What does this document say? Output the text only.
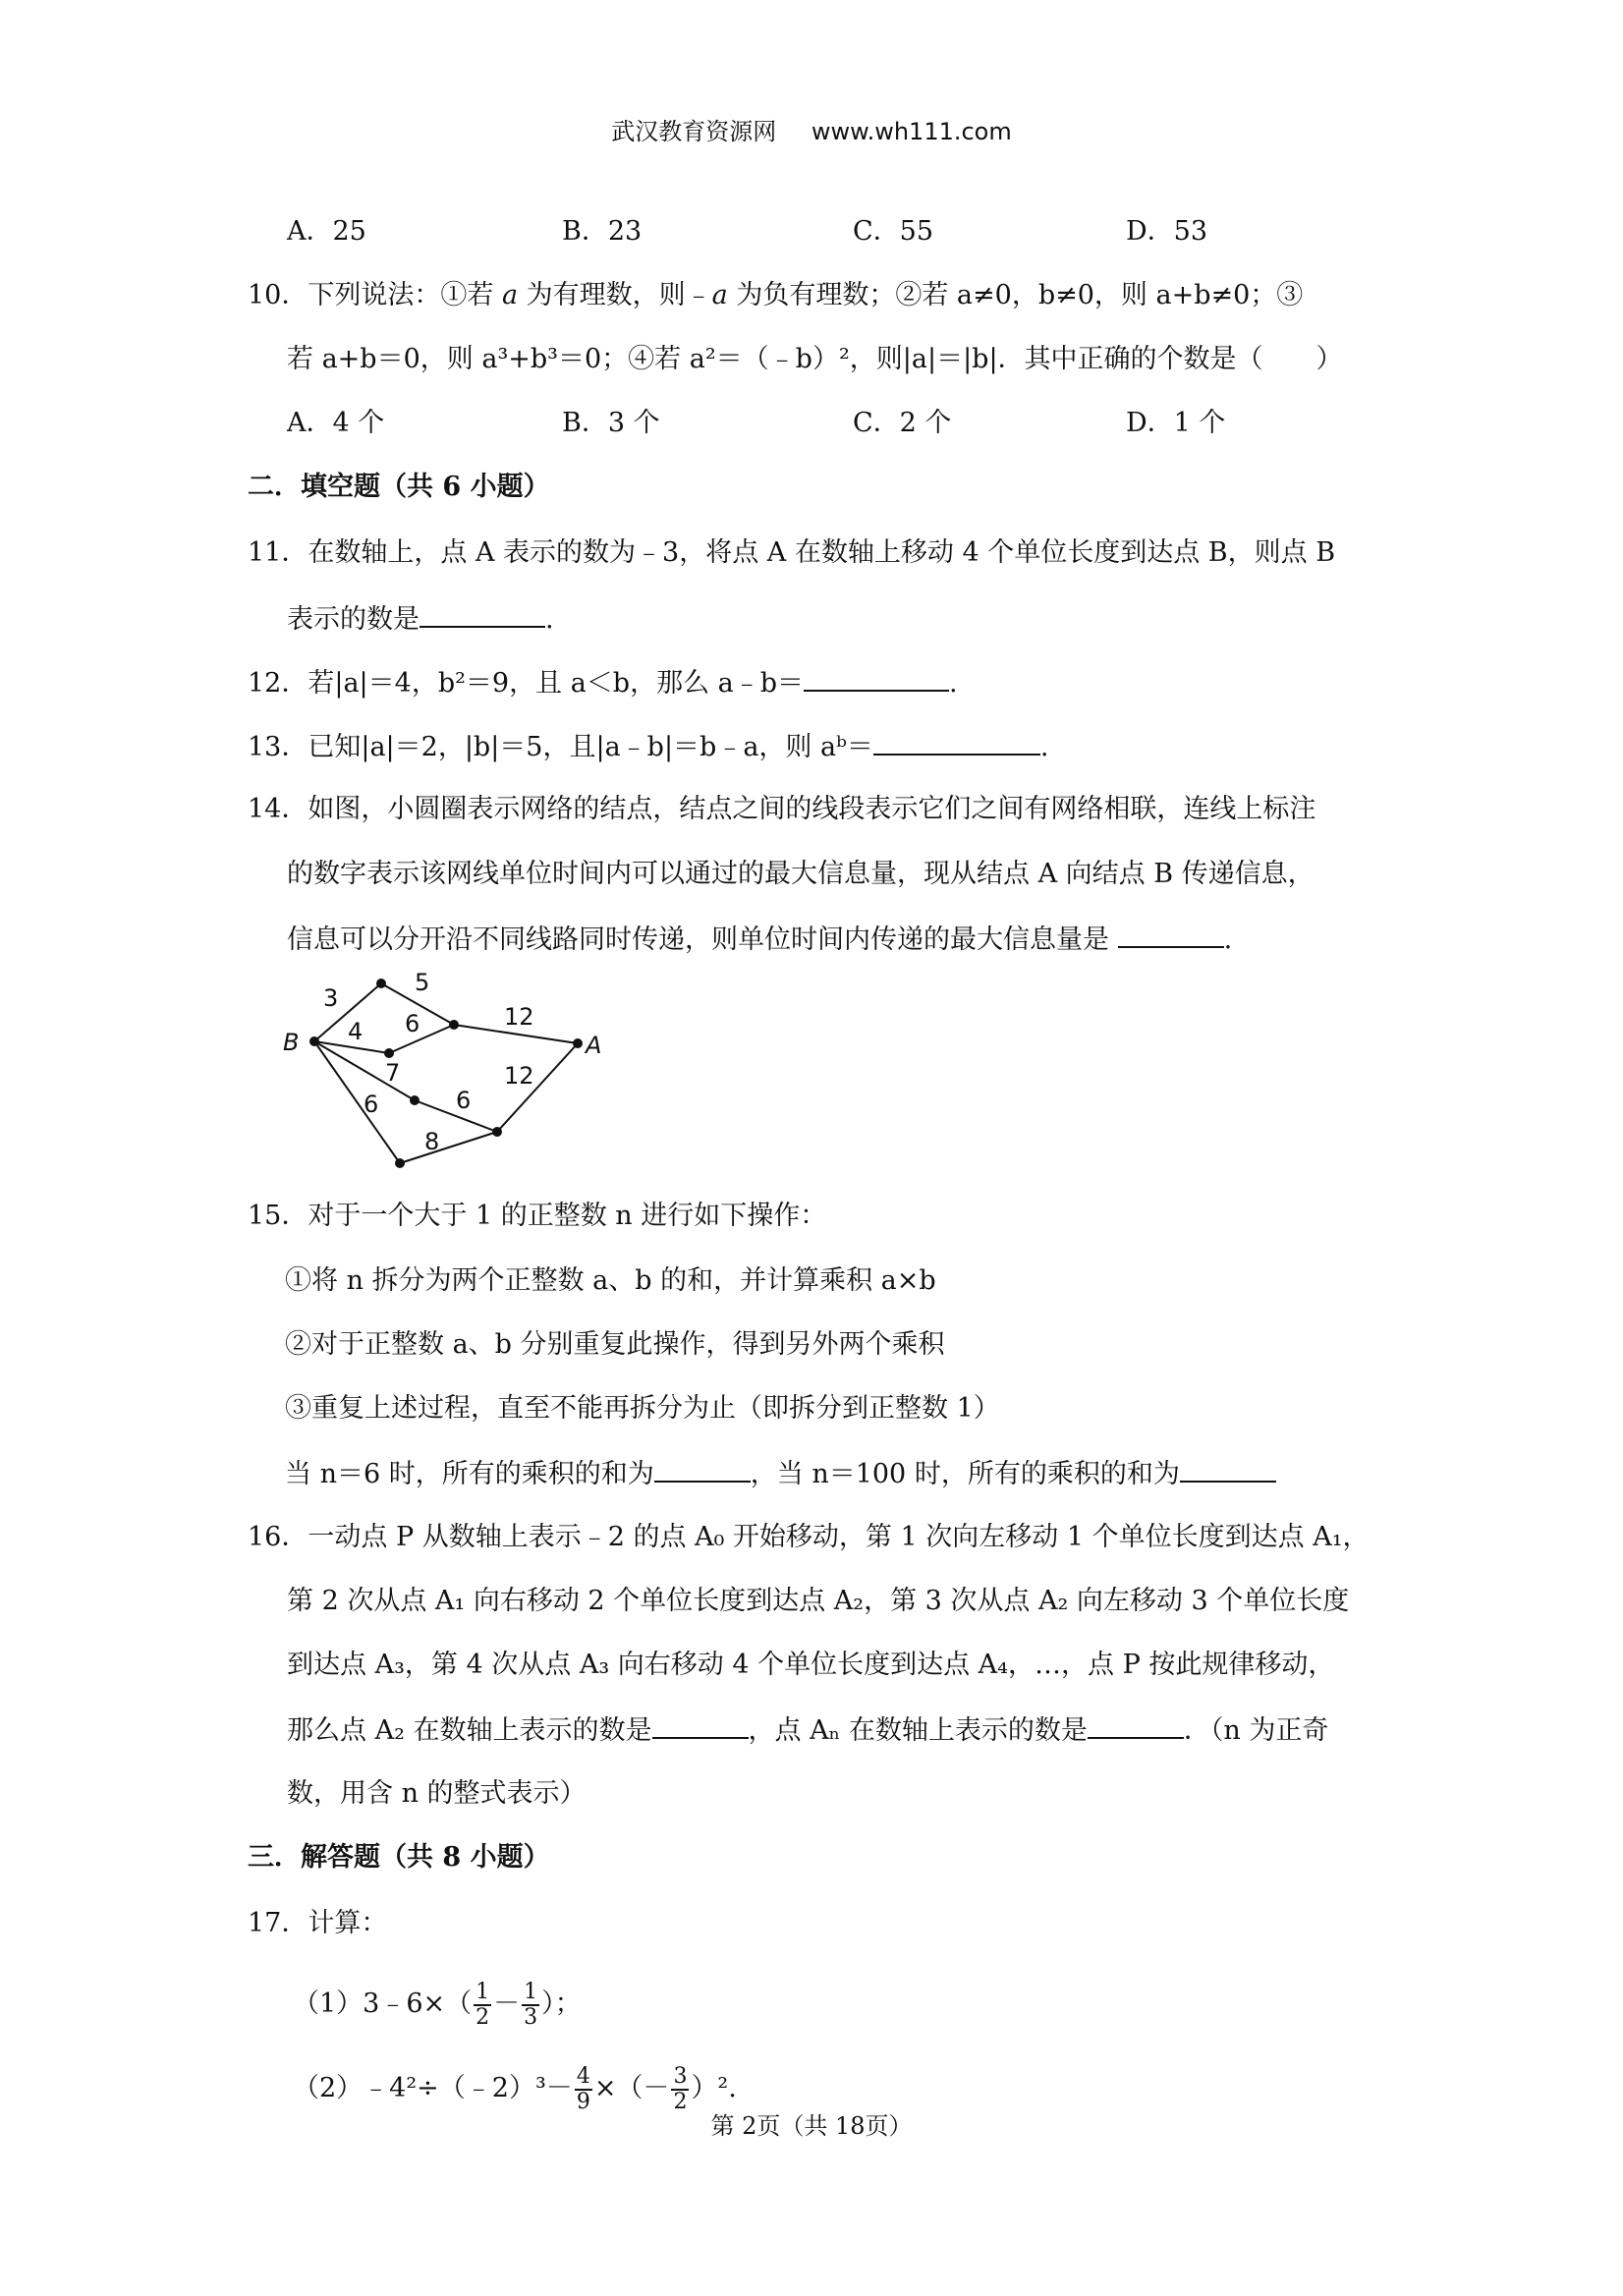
武汉教育资源网 www.wh111.com
A．25	B．23	C．55	D．53
10．下列说法：①若 a 为有理数，则﹣a 为负有理数；②若 a≠0，b≠0，则 a+b≠0；③
若 a+b＝0，则 a³+b³＝0；④若 a²＝（﹣b）²，则|a|＝|b|．其中正确的个数是（　　）
A．4 个	B．3 个	C．2 个	D．1 个
二．填空题（共 6 小题）
11．在数轴上，点 A 表示的数为﹣3，将点 A 在数轴上移动 4 个单位长度到达点 B，则点 B
表示的数是	.
12．若|a|＝4，b²＝9，且 a＜b，那么 a﹣b＝	.
13．已知|a|＝2，|b|＝5，且|a﹣b|＝b﹣a，则 aᵇ＝	.
14．如图，小圆圈表示网络的结点，结点之间的线段表示它们之间有网络相联，连线上标注
的数字表示该网线单位时间内可以通过的最大信息量，现从结点 A 向结点 B 传递信息，
信息可以分开沿不同线路同时传递，则单位时间内传递的最大信息量是	.
B	A
3
5
4 6	12
7	12
6	6
8
15．对于一个大于 1 的正整数 n 进行如下操作：
①将 n 拆分为两个正整数 a、b 的和，并计算乘积 a×b
②对于正整数 a、b 分别重复此操作，得到另外两个乘积
③重复上述过程，直至不能再拆分为止（即拆分到正整数 1）
当 n＝6 时，所有的乘积的和为	，当 n＝100 时，所有的乘积的和为
16．一动点 P 从数轴上表示﹣2 的点 A₀ 开始移动，第 1 次向左移动 1 个单位长度到达点 A₁，
第 2 次从点 A₁ 向右移动 2 个单位长度到达点 A₂，第 3 次从点 A₂ 向左移动 3 个单位长度
到达点 A₃，第 4 次从点 A₃ 向右移动 4 个单位长度到达点 A₄，…，点 P 按此规律移动，
那么点 A₂ 在数轴上表示的数是	，点 Aₙ 在数轴上表示的数是	．（n 为正奇
数，用含 n 的整式表示）
三．解答题（共 8 小题）
17．计算：
（1）3﹣6×（ $\frac{1}{2} - \frac{1}{3}$ ）；
（2）﹣4²÷（﹣2）³－ $\frac{4}{9}$ ×（－ $\frac{3}{2} )^2$.
第 2页（共 18页）
